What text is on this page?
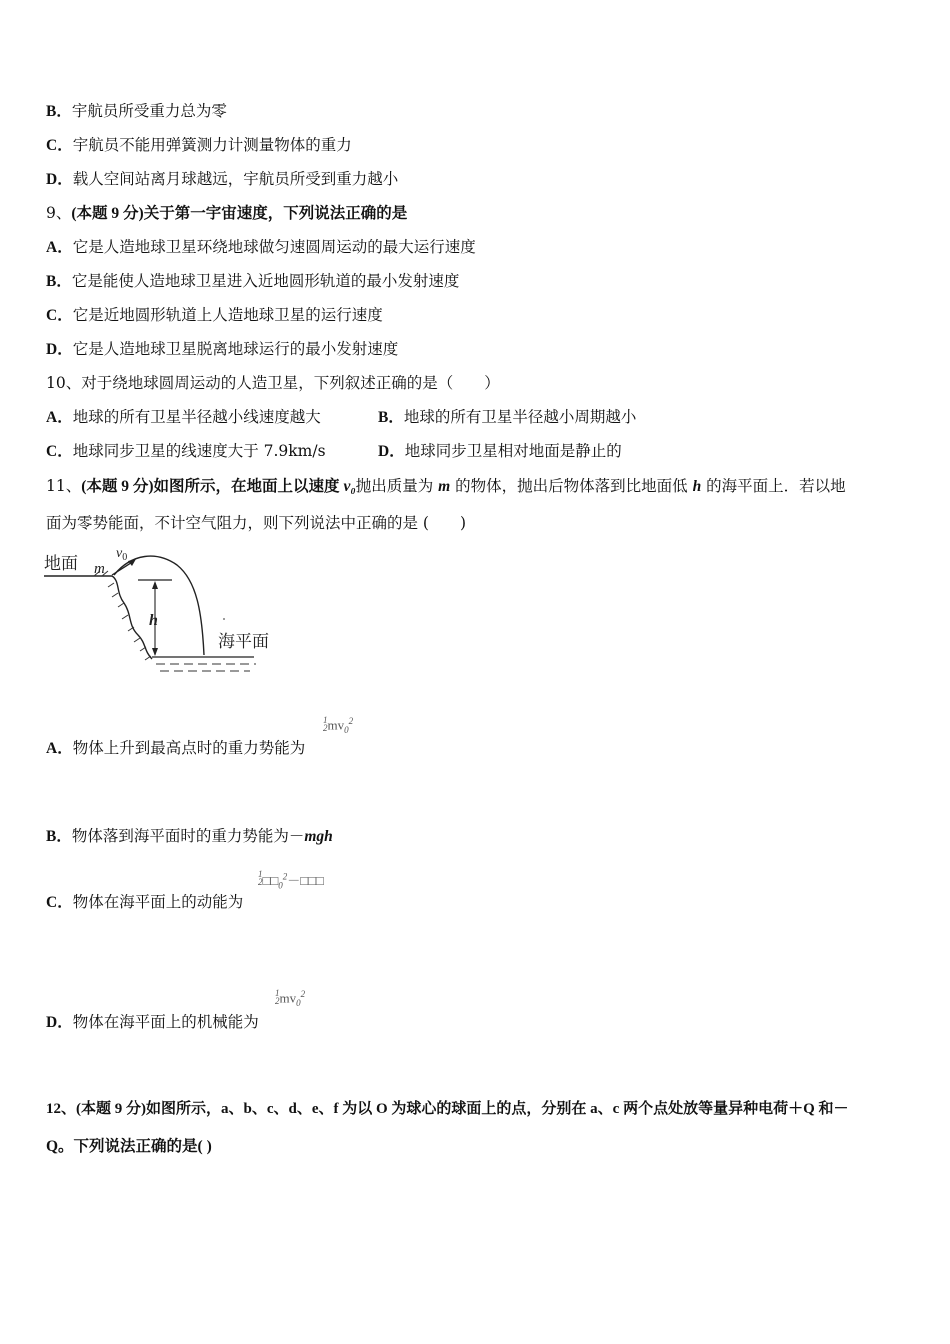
B．宇航员所受重力总为零
C．宇航员不能用弹簧测力计测量物体的重力
D．载人空间站离月球越远，宇航员所受到重力越小
9、(本题 9 分)关于第一宇宙速度，下列说法正确的是
A．它是人造地球卫星环绕地球做匀速圆周运动的最大运行速度
B．它是能使人造地球卫星进入近地圆形轨道的最小发射速度
C．它是近地圆形轨道上人造地球卫星的运行速度
D．它是人造地球卫星脱离地球运行的最小发射速度
10、对于绕地球圆周运动的人造卫星，下列叙述正确的是（　　）
A．地球的所有卫星半径越小线速度越大	B．地球的所有卫星半径越小周期越小
C．地球同步卫星的线速度大于 7.9km/s	D．地球同步卫星相对地面是静止的
11、(本题 9 分)如图所示，在地面上以速度 v₀抛出质量为 m 的物体，抛出后物体落到比地面低 h 的海平面上．若以地
面为零势能面，不计空气阻力，则下列说法中正确的是 (　　)
地面 m
$v_0$
h
海平面
A．物体上升到最高点时的重力势能为
1
2 $mv_0^2$
B．物体落到海平面时的重力势能为－mgh
C．物体在海平面上的动能为
1
2 $□□_0^2-□□□$
D．物体在海平面上的机械能为
1
2 $mv_0^2$
12、(本题 9 分)如图所示，a、b、c、d、e、f 为以 O 为球心的球面上的点，分别在 a、c 两个点处放等量异种电荷＋Q 和－
Q。下列说法正确的是( )
